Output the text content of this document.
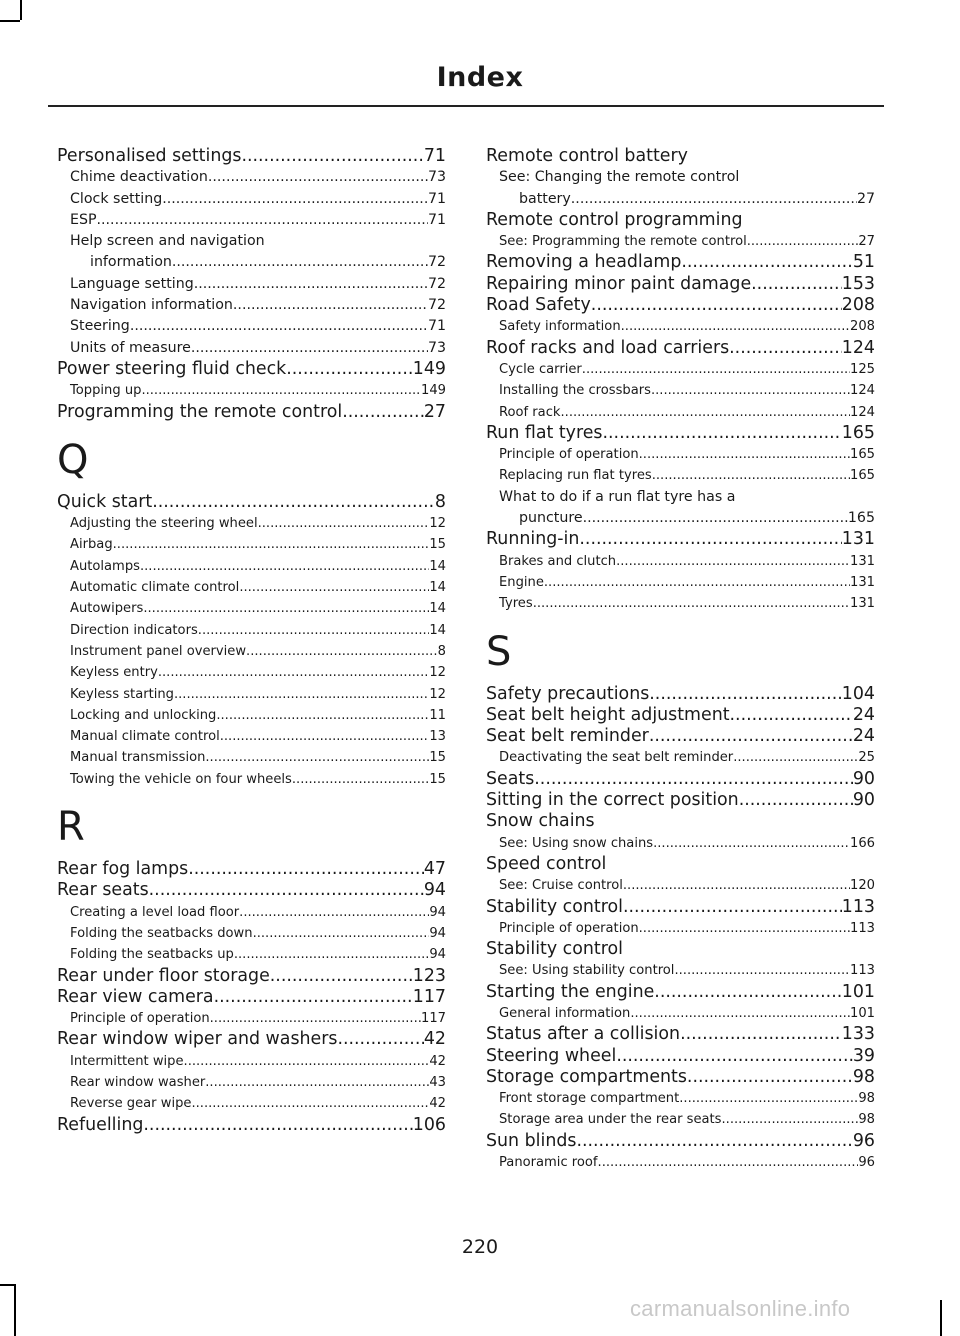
Index
Personalised settings .....	71
Chime deactivation .....	73
Clock setting .....	71
ESP .....	71
Help screen and navigation
information .....	72
Language setting .....	72
Navigation information .....	72
Steering .....	71
Units of measure .....	73
Power steering fluid check .....	149
Topping up .....	149
Programming the remote control .....	27
Q
Quick start .....	8
Adjusting the steering wheel .....	12
Airbag .....	15
Autolamps .....	14
Automatic climate control .....	14
Autowipers .....	14
Direction indicators .....	14
Instrument panel overview .....	8
Keyless entry .....	12
Keyless starting .....	12
Locking and unlocking .....	11
Manual climate control .....	13
Manual transmission .....	15
Towing the vehicle on four wheels .....	15
R
Rear fog lamps .....	47
Rear seats .....	94
Creating a level load floor .....	94
Folding the seatbacks down .....	94
Folding the seatbacks up .....	94
Rear under floor storage .....	123
Rear view camera .....	117
Principle of operation .....	117
Rear window wiper and washers .....	42
Intermittent wipe .....	42
Rear window washer .....	43
Reverse gear wipe .....	42
Refuelling .....	106
Remote control battery
See: Changing the remote control
battery .....	27
Remote control programming
See: Programming the remote control .....	27
Removing a headlamp .....	51
Repairing minor paint damage .....	153
Road Safety .....	208
Safety information .....	208
Roof racks and load carriers .....	124
Cycle carrier .....	125
Installing the crossbars .....	124
Roof rack .....	124
Run flat tyres .....	165
Principle of operation .....	165
Replacing run flat tyres .....	165
What to do if a run flat tyre has a
puncture .....	165
Running-in .....	131
Brakes and clutch .....	131
Engine .....	131
Tyres .....	131
S
Safety precautions .....	104
Seat belt height adjustment .....	24
Seat belt reminder .....	24
Deactivating the seat belt reminder .....	25
Seats .....	90
Sitting in the correct position .....	90
Snow chains
See: Using snow chains .....	166
Speed control
See: Cruise control .....	120
Stability control .....	113
Principle of operation .....	113
Stability control
See: Using stability control .....	113
Starting the engine .....	101
General information .....	101
Status after a collision .....	133
Steering wheel .....	39
Storage compartments .....	98
Front storage compartment .....	98
Storage area under the rear seats .....	98
Sun blinds .....	96
Panoramic roof .....	96
220
carmanualsonline.info
